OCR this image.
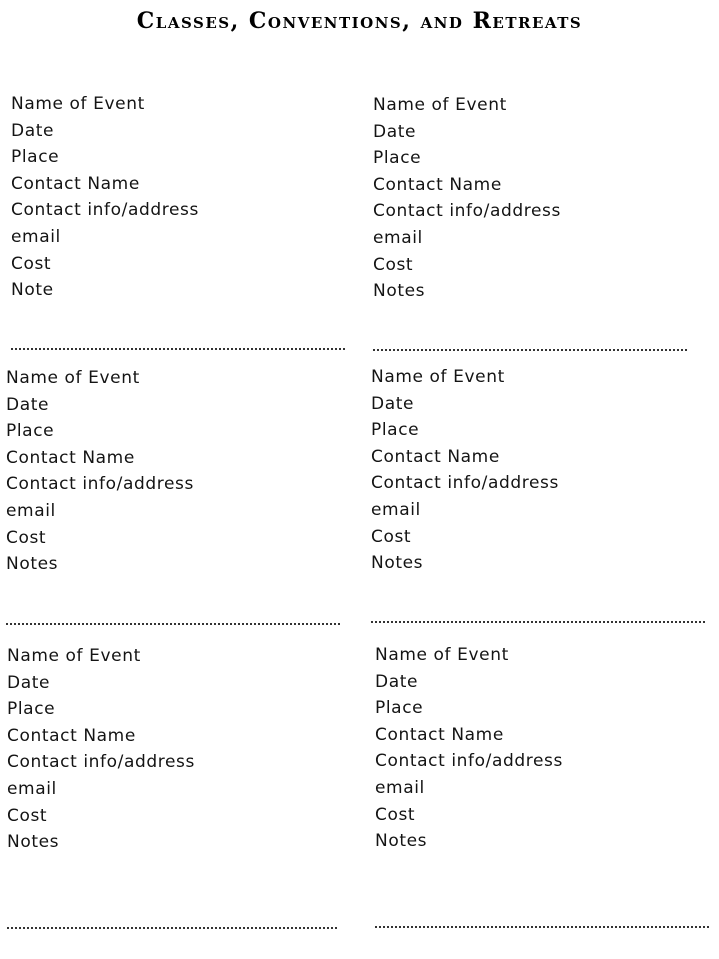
Classes, Conventions, and Retreats
Name of Event
Date
Place
Contact Name
Contact info/address
email
Cost
Note
Name of Event
Date
Place
Contact Name
Contact info/address
email
Cost
Notes
Name of Event
Date
Place
Contact Name
Contact info/address
email
Cost
Notes
Name of Event
Date
Place
Contact Name
Contact info/address
email
Cost
Notes
Name of Event
Date
Place
Contact Name
Contact info/address
email
Cost
Notes
Name of Event
Date
Place
Contact Name
Contact info/address
email
Cost
Notes
